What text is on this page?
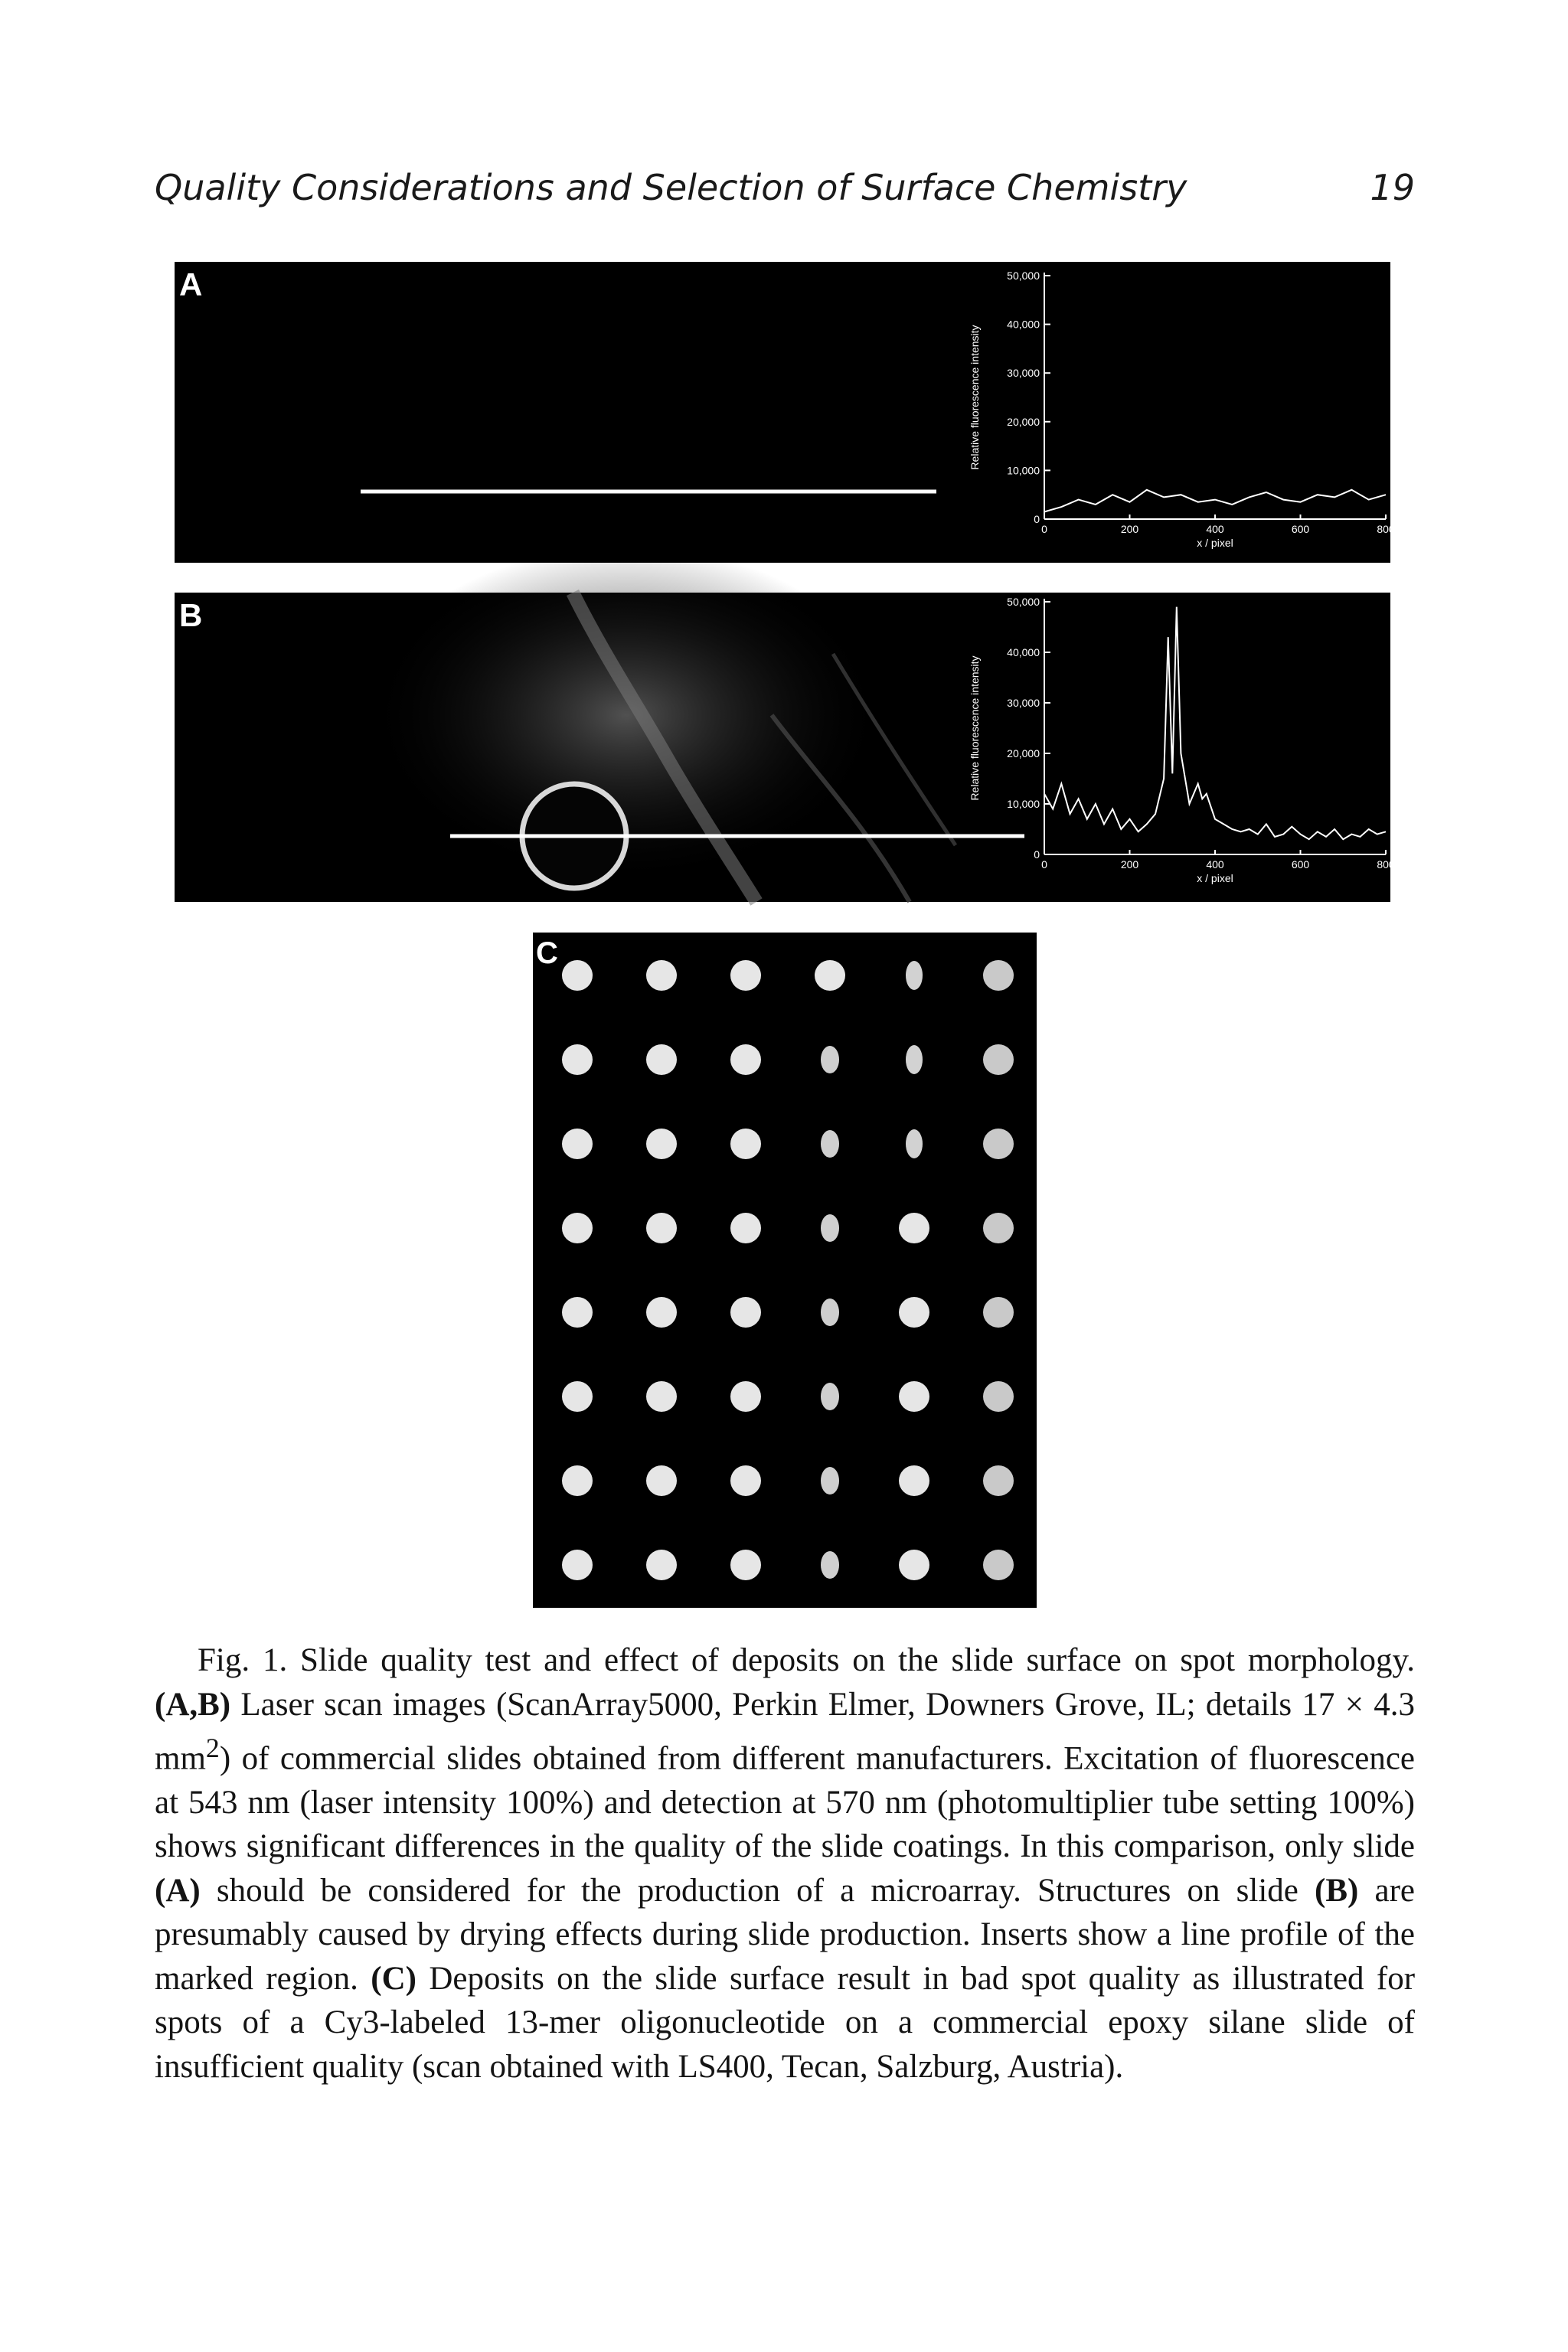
Quality Considerations and Selection of Surface Chemistry	19
A
0
10,000
20,000
30,000
40,000
50,000
0	200	400	600	800
x / pixel
Relative fluorescence intensity
B
0
10,000
20,000
30,000
40,000
50,000
0	200	400	600	800
x / pixel
Relative fluorescence intensity
C

Fig. 1. Slide quality test and effect of deposits on the slide surface on spot morphology. (A,B) Laser scan images (ScanArray5000, Perkin Elmer, Downers Grove, IL; details 17 × 4.3 $mm^2$) of commercial slides obtained from different manufacturers. Excitation of fluorescence at 543 nm (laser intensity 100%) and detection at 570 nm (photomultiplier tube setting 100%) shows significant differences in the quality of the slide coatings. In this comparison, only slide (A) should be considered for the production of a microarray. Structures on slide (B) are presumably caused by drying effects during slide production. Inserts show a line profile of the marked region. (C) Deposits on the slide surface result in bad spot quality as illustrated for spots of a Cy3-labeled 13-mer oligonucleotide on a commercial epoxy silane slide of insufficient quality (scan obtained with LS400, Tecan, Salzburg, Austria).
